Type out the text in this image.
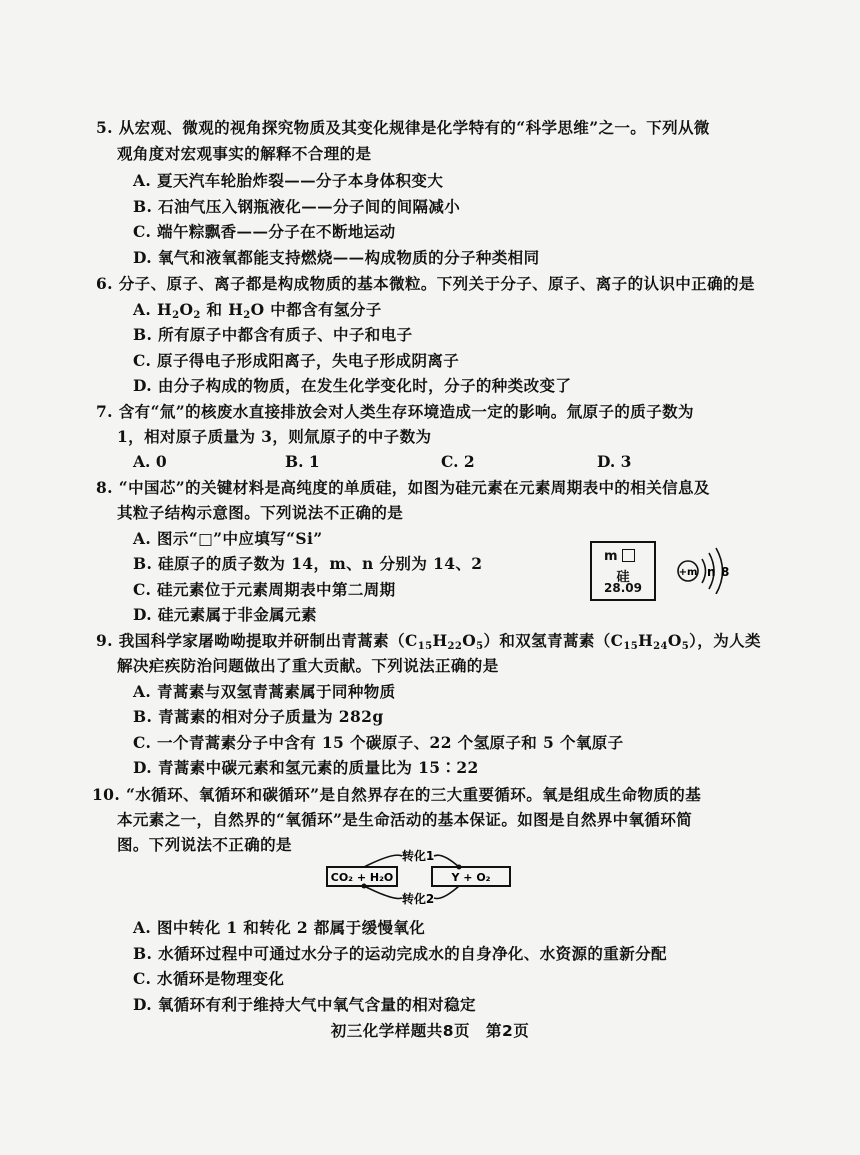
5. 从宏观、微观的视角探究物质及其变化规律是化学特有的“科学思维”之一。下列从微
观角度对宏观事实的解释不合理的是
A. 夏天汽车轮胎炸裂——分子本身体积变大
B. 石油气压入钢瓶液化——分子间的间隔减小
C. 端午粽飘香——分子在不断地运动
D. 氧气和液氧都能支持燃烧——构成物质的分子种类相同
6. 分子、原子、离子都是构成物质的基本微粒。下列关于分子、原子、离子的认识中正确的是
A. $H_2O_2$ 和 $H_2O$ 中都含有氢分子
B. 所有原子中都含有质子、中子和电子
C. 原子得电子形成阳离子，失电子形成阴离子
D. 由分子构成的物质，在发生化学变化时，分子的种类改变了
7. 含有“氚”的核废水直接排放会对人类生存环境造成一定的影响。氚原子的质子数为
1，相对原子质量为 3，则氚原子的中子数为
A. 0	B. 1	C. 2	D. 3
8. “中国芯”的关键材料是高纯度的单质硅，如图为硅元素在元素周期表中的相关信息及
其粒子结构示意图。下列说法不正确的是
A. 图示“□”中应填写“Si”
B. 硅原子的质子数为 14，m、n 分别为 14、2
C. 硅元素位于元素周期表中第二周期
D. 硅元素属于非金属元素
m
硅
28.09
+m n 8
9. 我国科学家屠呦呦提取并研制出青蒿素$(C_{15}H_{22}O_5)$和双氢青蒿素$(C_{15}H_{24}O_5)$，为人类
解决疟疾防治问题做出了重大贡献。下列说法正确的是
A. 青蒿素与双氢青蒿素属于同种物质
B. 青蒿素的相对分子质量为 282g
C. 一个青蒿素分子中含有 15 个碳原子、22 个氢原子和 5 个氧原子
D. 青蒿素中碳元素和氢元素的质量比为 15∶22
10. “水循环、氧循环和碳循环”是自然界存在的三大重要循环。氧是组成生命物质的基
本元素之一，自然界的“氧循环”是生命活动的基本保证。如图是自然界中氧循环简
图。下列说法不正确的是
CO₂ + H₂O	Y + O₂
转化1
转化2
A. 图中转化 1 和转化 2 都属于缓慢氧化
B. 水循环过程中可通过水分子的运动完成水的自身净化、水资源的重新分配
C. 水循环是物理变化
D. 氧循环有利于维持大气中氧气含量的相对稳定
初三化学样题共8页　第2页
